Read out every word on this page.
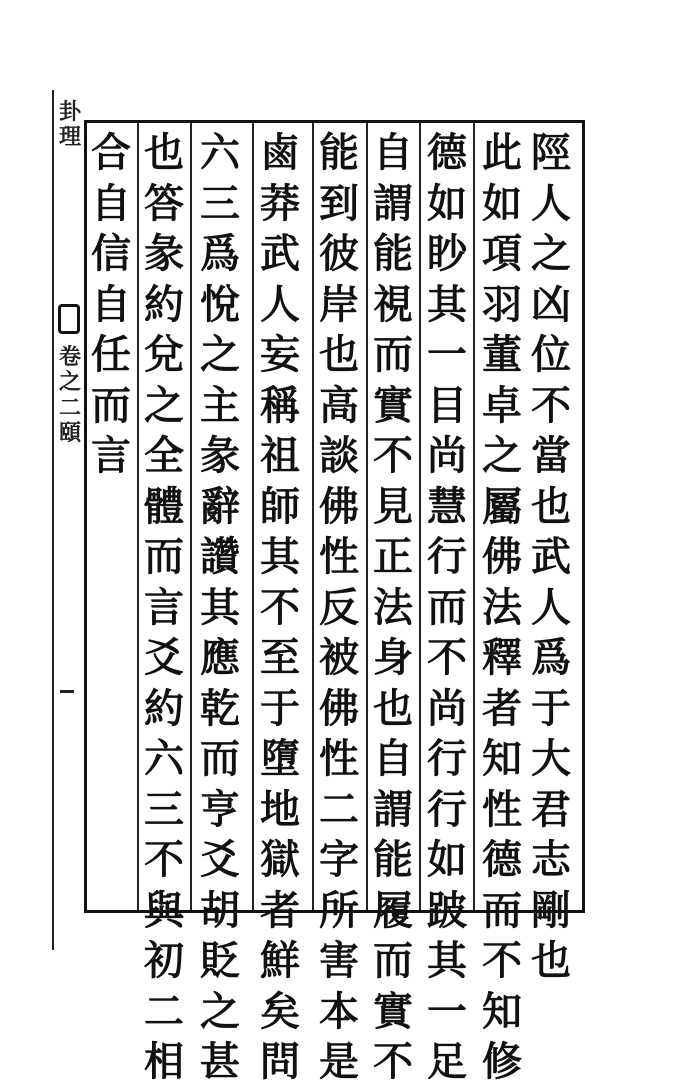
卦
理
卷
之
二
頤
陘
人
之
凶
位
不
當
也
武
人
爲
于
大
君
志
剛
也
此
如
項
羽
董
卓
之
屬
佛
法
釋
者
知
性
德
而
不
知
修
德
如
眇
其
一
目
尚
慧
行
而
不
尚
行
行
如
跛
其
一
足
自
謂
能
視
而
實
不
見
正
法
身
也
自
謂
能
履
而
實
不
能
到
彼
岸
也
高
談
佛
性
反
被
佛
性
二
字
所
害
本
是
鹵
莽
武
人
妄
稱
祖
師
其
不
至
于
墮
地
獄
者
鮮
矣
問
六
三
爲
悅
之
主
彖
辭
讚
其
應
乾
而
亨
爻
胡
貶
之
甚
也
答
彖
約
兌
之
全
體
而
言
爻
約
六
三
不
與
初
二
相
合
自
信
自
任
而
言
